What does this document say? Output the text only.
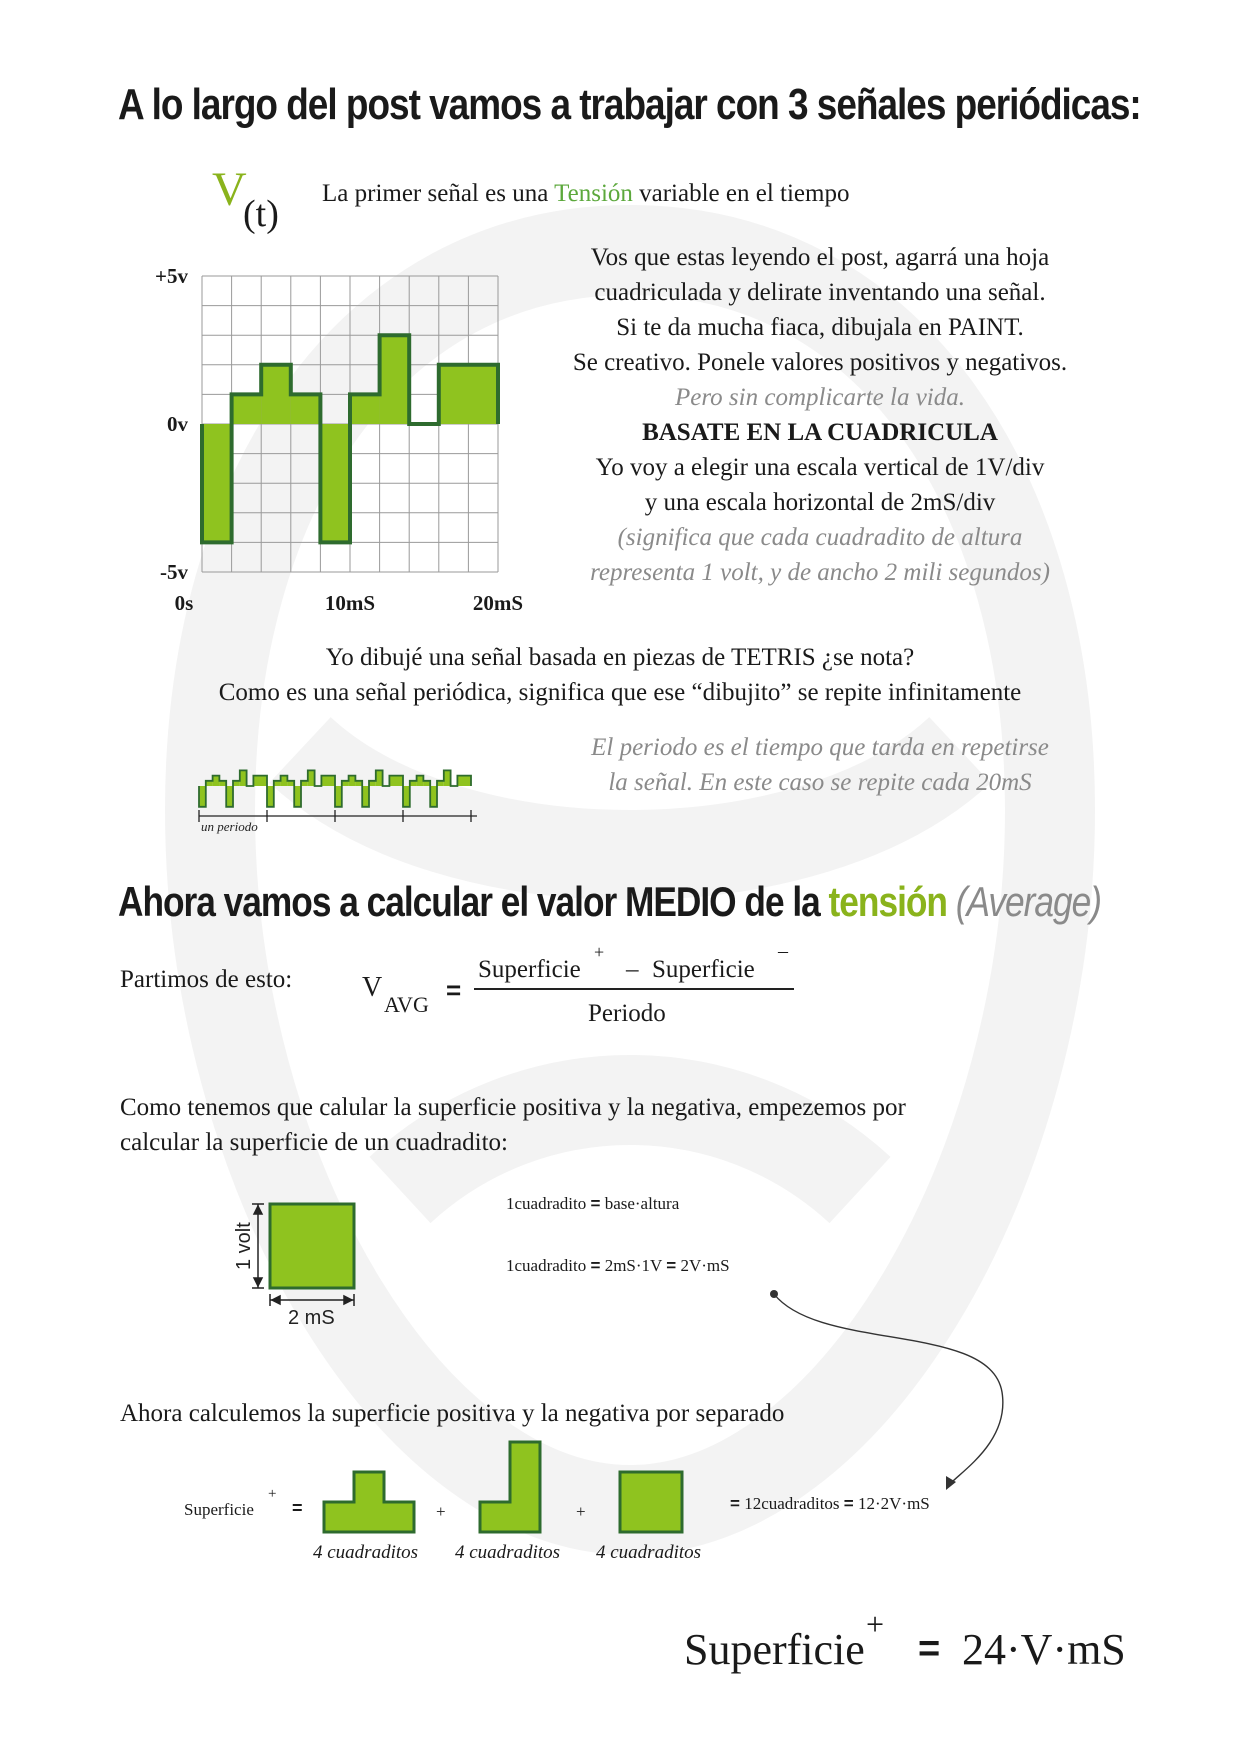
A lo largo del post vamos a trabajar con 3 señales periódicas:
V
(t) La primer señal es una Tensión variable en el tiempo
+5v
0v
-5v
0s	10mS	20mS
Vos que estas leyendo el post, agarrá una hoja
cuadriculada y delirate inventando una señal.
Si te da mucha fiaca, dibujala en PAINT.
Se creativo. Ponele valores positivos y negativos.
Pero sin complicarte la vida.
BASATE EN LA CUADRICULA
Yo voy a elegir una escala vertical de 1V/div
y una escala horizontal de 2mS/div
(significa que cada cuadradito de altura
representa 1 volt, y de ancho 2 mili segundos)
Yo dibujé una señal basada en piezas de TETRIS ¿se nota?
Como es una señal periódica, significa que ese “dibujito” se repite infinitamente
un periodo
El periodo es el tiempo que tarda en repetirse
la señal. En este caso se repite cada 20mS
Ahora vamos a calcular el valor MEDIO de la tensión (Average)
Partimos de esto: V
AVG =
Superficie
+
– Superficie
–
Periodo
Como tenemos que calular la superficie positiva y la negativa, empezemos por
calcular la superficie de un cuadradito:
1 volt
2 mS
1cuadradito = base·altura
1cuadradito = 2mS·1V = 2V·mS
Ahora calculemos la superficie positiva y la negativa por separado
Superficie
+
=	+	+
4 cuadraditos 4 cuadraditos 4 cuadraditos
= 12cuadraditos = 12·2V·mS
Superficie
+
= 24·V·mS
